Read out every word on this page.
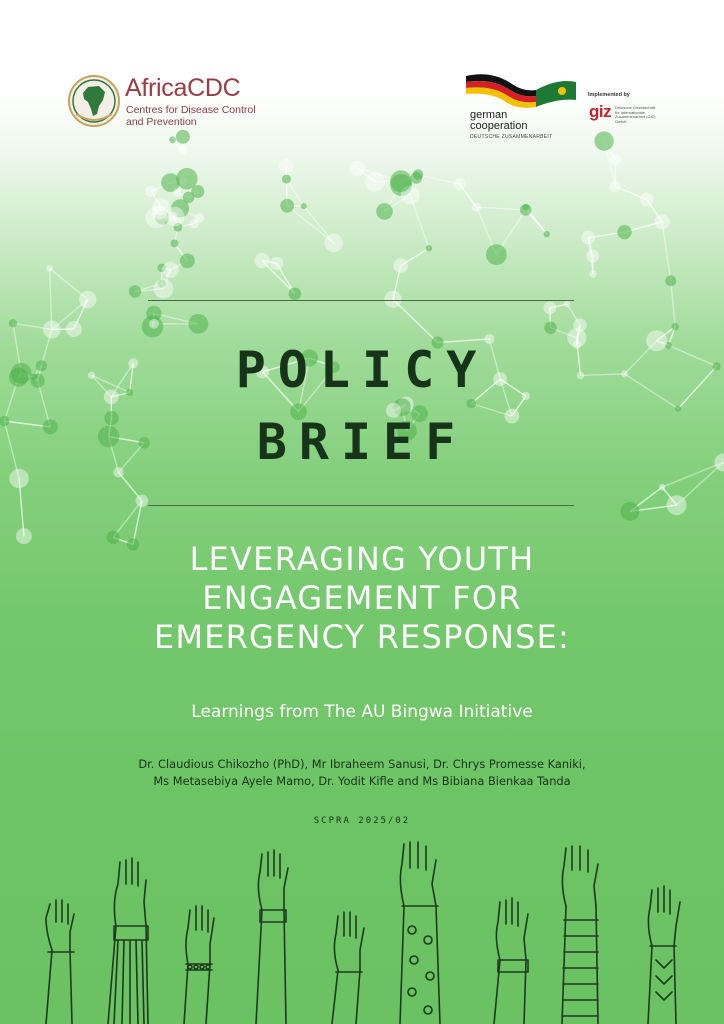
AfricaCDC
Centres for Disease Control
and Prevention
german
cooperation
DEUTSCHE ZUSAMMENARBEIT
Implemented by
giz Deutsche Gesellschaft für Internationale Zusammenarbeit (GIZ) GmbH
POLICY
BRIEF
LEVERAGING YOUTH
ENGAGEMENT FOR
EMERGENCY RESPONSE:
Learnings from The AU Bingwa Initiative
Dr. Claudious Chikozho (PhD), Mr Ibraheem Sanusi, Dr. Chrys Promesse Kaniki,
Ms Metasebiya Ayele Mamo, Dr. Yodit Kifle and Ms Bibiana Bienkaa Tanda
SCPRA 2025/02
